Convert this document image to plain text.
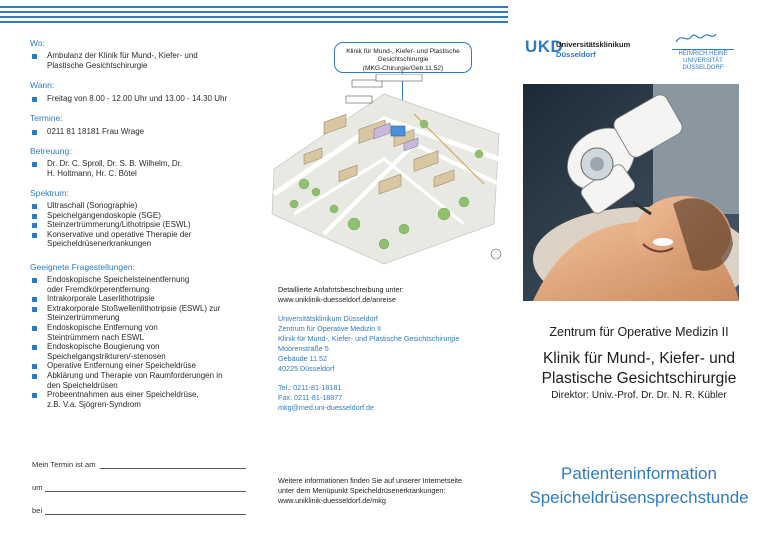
Wo:
Ambulanz der Klinik für Mund-, Kiefer- und Plastische Gesichtschirurgie
Wann:
Freitag von 8.00 - 12.00 Uhr und 13.00 - 14.30 Uhr
Termine:
0211 81 18181 Frau Wrage
Betreuung:
Dr. Dr. C. Sproll, Dr. S. B. Wilhelm, Dr. H. Holtmann, Hr. C. Bötel
Spektrum:
Ultraschall (Sonographie)
Speichelgangendoskopie (SGE)
Steinzertrümmerung/Lithotripsie (ESWL)
Konservative und operative Therapie der Speicheldrüsenerkrankungen
Geeignete Fragestellungen:
Endoskopische Speichelsteinentfernung oder Fremdkörperentfernung
Intrakorporale Laserlithotripsie
Extrakorporale Stoßwellenlithotripsie (ESWL) zur Steinzertrümmerung
Endoskopische Entfernung von Steintrümmern nach ESWL
Endoskopische Bougierung von Speichelgangstrikturen/-stenosen
Operative Entfernung einer Speicheldrüse
Abklärung und Therapie von Raumforderungen in den Speicheldrüsen
Probeentnahmen aus einer Speicheldrüse, z.B. V.a. Sjögren-Syndrom
Mein Termin ist am
um
bei
Klinik für Mund-, Kiefer- und Plastische Gesichtschirurgie
(MKG-Chirurgie/Geb.11.52)
Detaillierte Anfahrtsbeschreibung unter:
www.uniklinik-duesseldorf.de/anreise
Universitätsklinikum Düsseldorf
Zentrum für Operative Medizin II
Klinik für Mund-, Kiefer- und Plastische Gesichtschirurgie
Moorenstraße 5
Gebäude 11.52
40225 Düsseldorf
Tel.: 0211-81-18181
Fax: 0211-81-18877
mkg@med.uni-duesseldorf.de
Weitere informationen finden Sie auf unserer Internetseite
unter dem Menüpunkt Speicheldrüsenerkrankungen:
www.uniklinik-duesseldorf.de/mkg
UKD
Universitätsklinikum
Düsseldorf	HEINRICH HEINE UNIVERSITÄT DÜSSELDORF
Zentrum für Operative Medizin II
Klinik für Mund-, Kiefer- und
Plastische Gesichtschirurgie
Direktor: Univ.-Prof. Dr. Dr. N. R. Kübler
Patienteninformation
Speicheldrüsensprechstunde
